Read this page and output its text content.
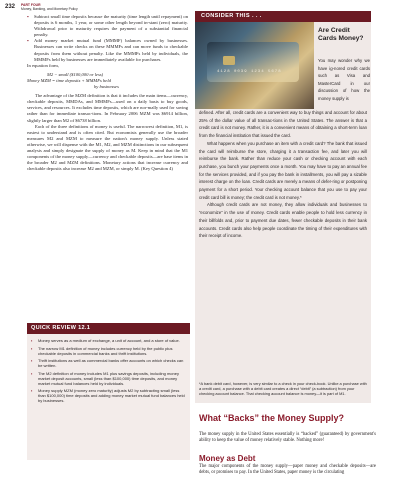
232 PART FOUR
Money, Banking, and Monetary Policy

▪ Subtract small time deposits because the maturity (time length until repayment) on deposits is 6 months, 1 year, or some other length beyond in-stant (zero) maturity. Withdrawal prior to maturity requires the payment of a substantial financial penalty.

▪ Add money market mutual fund (MMMF) balances owned by businesses. Businesses can write checks on these MMMFs and can move funds to checkable deposits from them without penalty. Like the MMMFs held by individuals, the MMMFs held by businesses are immediately available for purchases.

In equation form,

M2 − small ($100,000 or less)

Money MZM = time deposits + MMMFs held

by businesses

The advantage of the MZM definition is that it includes the main items—currency, checkable deposits, MMDAs, and MMMFs—used on a daily basis to buy goods, services, and resources. It excludes time deposits, which are nor-mally used for saving rather than for immediate transac-tions. In February 2006 MZM was $6914 billion, slightly larger than M2 of $6738 billion.

Each of the three definitions of money is useful. The narrowest definition, M1, is easiest to understand and is often cited. But economists generally use the broader measures M2 and MZM to measure the nation's money supply. Unless stated otherwise, we will dispense with the M1, M2, and MZM distinctions in our subsequent analysis and simply designate the supply of money as M. Keep in mind that the M1 components of the money supply—currency and checkable deposits—are base items in the broader M2 and MZM definitions. Monetary actions that increase currency and checkable deposits also increase M2 and MZM, or simply M. (Key Question 4)

QUICK REVIEW 12.1
▪ Money serves as a medium of exchange, a unit of account, and a store of value.
▪ The narrow M1 definition of money includes currency held by the public plus checkable deposits in commercial banks and thrift institutions.
▪ Thrift institutions as well as commercial banks offer accounts on which checks can be written.
▪ The M2 definition of money includes M1 plus savings deposits, including money market deposit accounts, small (less than $100,000) time deposits, and money market mutual fund balances held by individuals.
▪ Money supply MZM (money zero maturity) adjusts M2 by subtracting small (less than $100,000) time deposits and adding money market mutual fund balances held by businesses.
CONSIDER THIS . . .
4128 0039 1234 5678
Are Credit Cards Money?
You may wonder why we have ig-nored credit cards such as Visa and MasterCard in our discussion of how the money supply is

defined. After all, credit cards are a convenient way to buy things and account for about 25% of the dollar value of all transac-tions in the United States. The answer is that a credit card is not money. Rather, it is a convenient means of obtaining a short-term loan from the financial institution that issued the card.

What happens when you purchase an item with a credit card? The bank that issued the card will reimburse the store, charging it a transaction fee, and later you will reimburse the bank. Rather than reduce your cash or checking account with each purchase, you bunch your payments once a month. You may have to pay an annual fee for the services provided, and if you pay the bank in installments, you will pay a sizable interest charge on the loan. Credit cards are merely a means of defer-ring or postponing payment for a short period. Your checking account balance that you use to pay your credit card bill is money; the credit card is not money.*

Although credit cards are not money, they allow individuals and businesses to “economize” in the use of money. Credit cards enable people to hold less currency in their billfolds and, prior to payment due dates, fewer checkable deposits in their bank accounts. Credit cards also help people coordinate the timing of their expenditures with their receipt of income.

*A bank debit card, however, is very similar to a check in your check-book. Unlike a purchase with a credit card, a purchase with a debit card creates a direct “debit” (a subtraction) from your checking account balance. That checking account balance is money—it is part of M1.
What “Backs” the Money Supply?
The money supply in the United States essentially is “backed” (guaranteed) by government's ability to keep the value of money relatively stable. Nothing more!
Money as Debt
The major components of the money supply—paper money and checkable deposits—are debts, or promises to pay. In the United States, paper money is the circulating
